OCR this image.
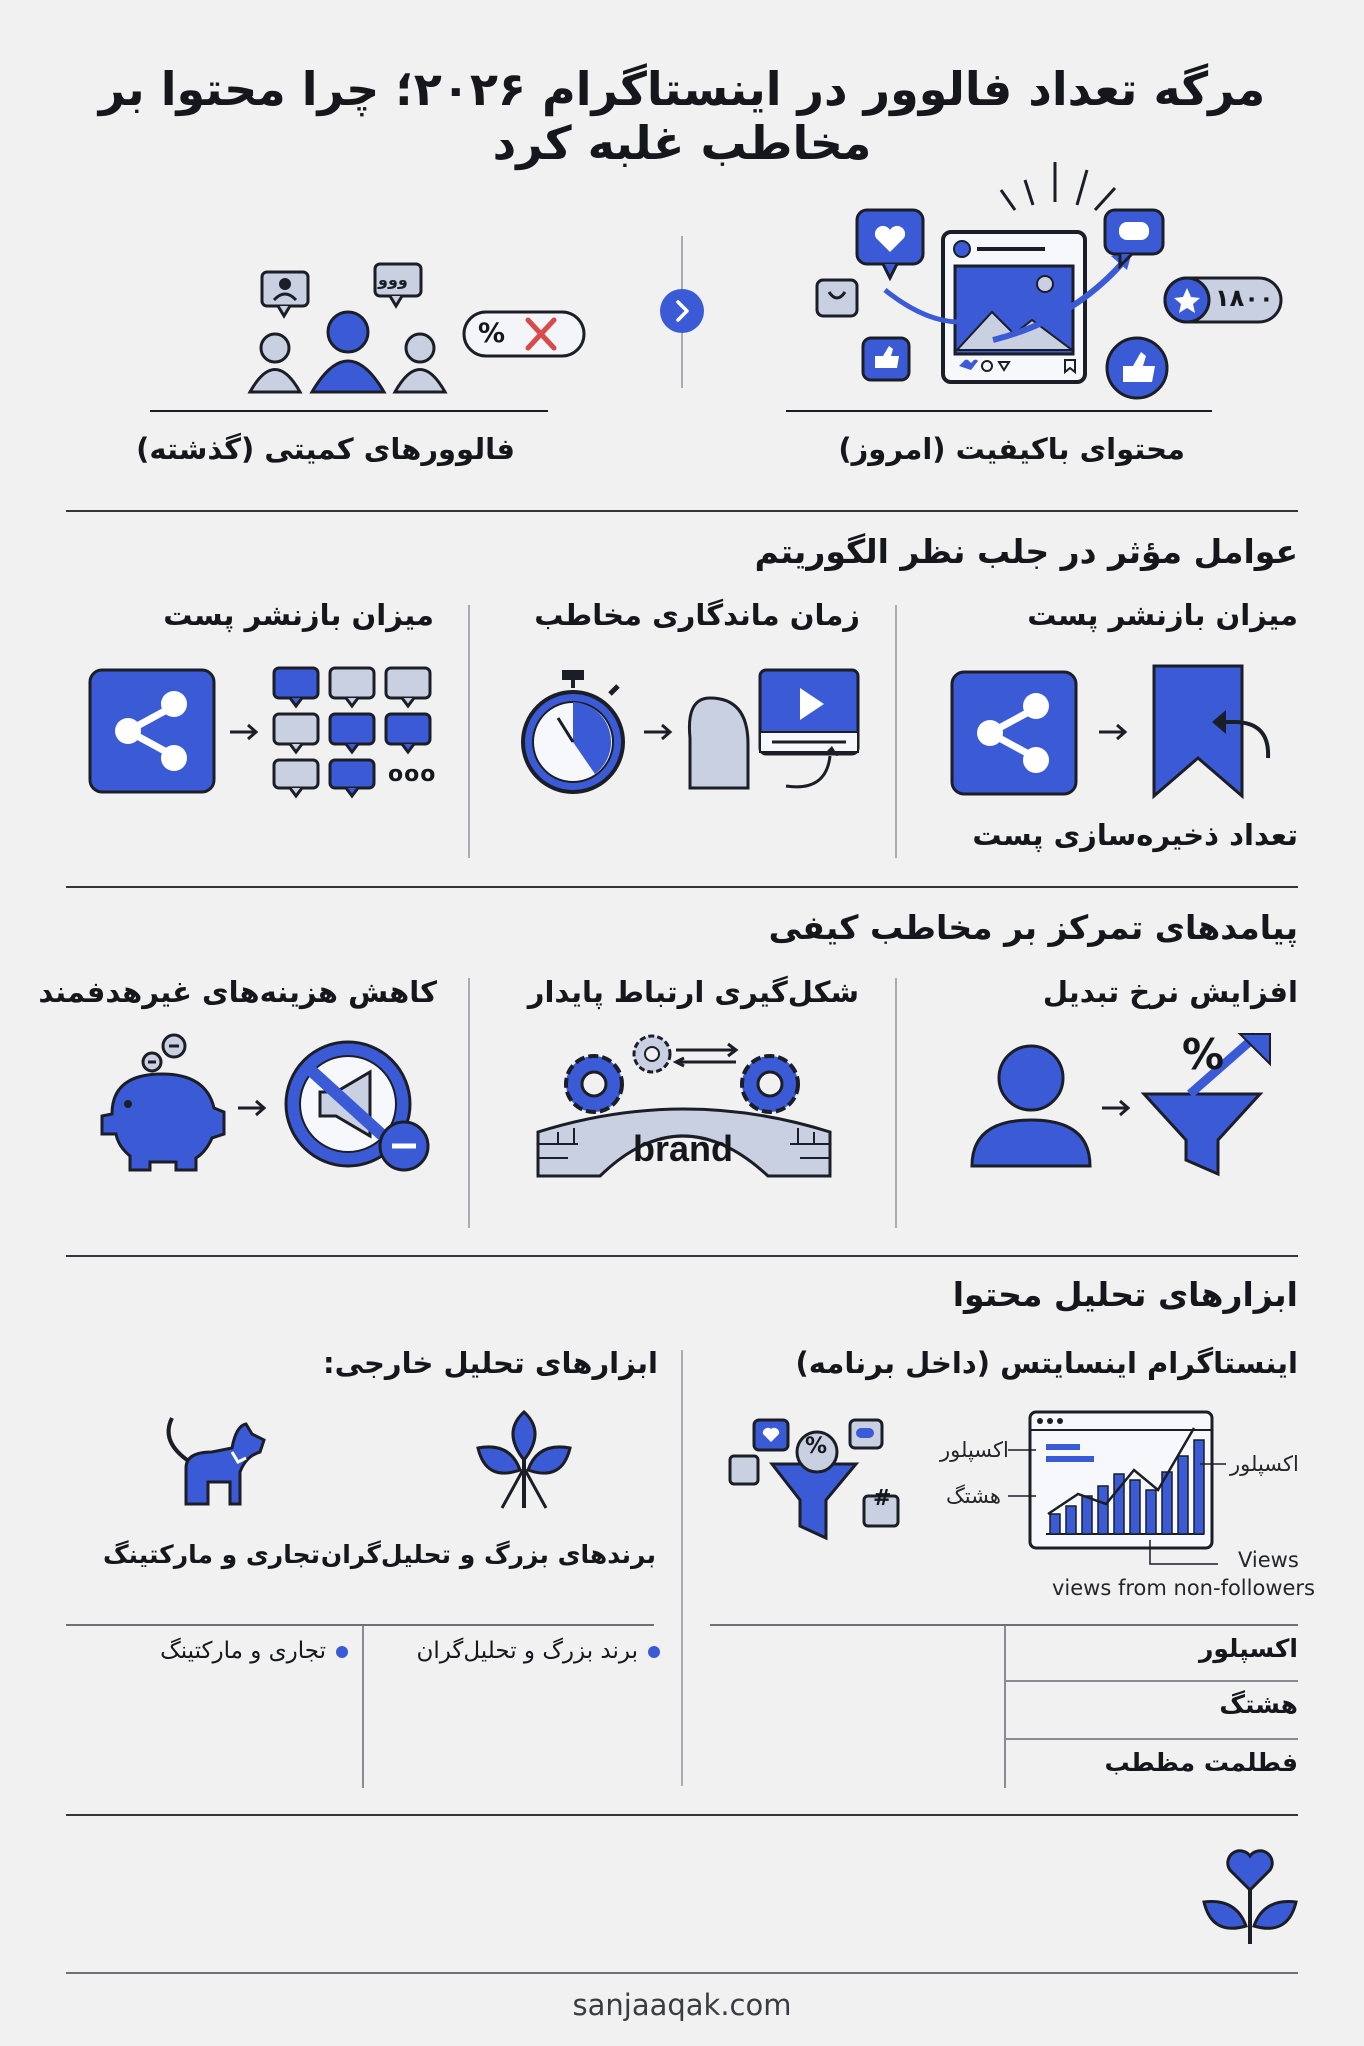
مرگه تعداد فالوور در اینستاگرام ۲۰۲۶؛ چرا محتوا بر مخاطب غلبه کرد
ووو
%
۱۸۰۰
فالوورهای کمیتی (گذشته)	محتوای باکیفیت (امروز)
عوامل مؤثر در جلب نظر الگوریتم
میزان بازنشر پست
تعداد ذخیره‌سازی پست
زمان ماندگاری مخاطب
میزان بازنشر پست
ooo
پیامدهای تمرکز بر مخاطب کیفی
افزایش نرخ تبدیل
%
شکل‌گیری ارتباط پایدار
brand
کاهش هزینه‌های غیرهدفمند
ابزارهای تحلیل محتوا
اینستاگرام اینسایتس (داخل برنامه)
%
#
اکسپلور
هشتگ
اکسپلور
Views
views from non-followers
اکسپلور
هشتگ
فطلمت مظطب
ابزارهای تحلیل خارجی:
برندهای بزرگ و تحلیل‌گران
تجاری و مارکتینگ
برند بزرگ و تحلیل‌گران
تجاری و مارکتینگ
sanjaaqak.com
